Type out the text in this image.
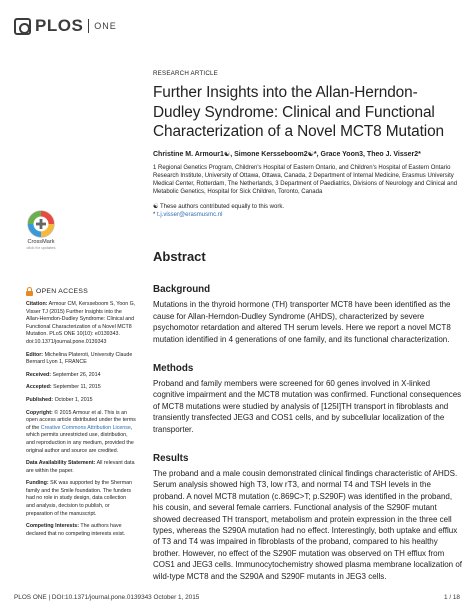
PLOS ONE
CrossMark
click for updates
OPEN ACCESS
Citation: Armour CM, Kersseboom S, Yoon G, Visser TJ (2015) Further Insights into the Allan-Herndon-Dudley Syndrome: Clinical and Functional Characterization of a Novel MCT8 Mutation. PLoS ONE 10(10): e0139343. doi:10.1371/journal.pone.0139343
Editor: Michelina Plateroti, University Claude Bernard Lyon 1, FRANCE
Received: September 26, 2014
Accepted: September 11, 2015
Published: October 1, 2015
Copyright: © 2015 Armour et al. This is an open access article distributed under the terms of the Creative Commons Attribution License, which permits unrestricted use, distribution, and reproduction in any medium, provided the original author and source are credited.
Data Availability Statement: All relevant data are within the paper.
Funding: SK was supported by the Sherman family and the Smile foundation. The funders had no role in study design, data collection and analysis, decision to publish, or preparation of the manuscript.
Competing Interests: The authors have declared that no competing interests exist.
RESEARCH ARTICLE
Further Insights into the Allan-Herndon-Dudley Syndrome: Clinical and Functional Characterization of a Novel MCT8 Mutation
Christine M. Armour1☯, Simone Kersseboom2☯*, Grace Yoon3, Theo J. Visser2*
1 Regional Genetics Program, Children's Hospital of Eastern Ontario, and Children's Hospital of Eastern Ontario Research Institute, University of Ottawa, Ottawa, Canada, 2 Department of Internal Medicine, Erasmus University Medical Center, Rotterdam, The Netherlands, 3 Department of Paediatrics, Divisions of Neurology and Clinical and Metabolic Genetics, Hospital for Sick Children, Toronto, Canada
☯ These authors contributed equally to this work.
* t.j.visser@erasmusmc.nl
Abstract
Background

Mutations in the thyroid hormone (TH) transporter MCT8 have been identified as the cause for Allan-Herndon-Dudley Syndrome (AHDS), characterized by severe psychomotor retardation and altered TH serum levels. Here we report a novel MCT8 mutation identified in 4 generations of one family, and its functional characterization.

Methods

Proband and family members were screened for 60 genes involved in X-linked cognitive impairment and the MCT8 mutation was confirmed. Functional consequences of MCT8 mutations were studied by analysis of [125I]TH transport in fibroblasts and transiently transfected JEG3 and COS1 cells, and by subcellular localization of the transporter.

Results

The proband and a male cousin demonstrated clinical findings characteristic of AHDS. Serum analysis showed high T3, low rT3, and normal T4 and TSH levels in the proband. A novel MCT8 mutation (c.869C>T; p.S290F) was identified in the proband, his cousin, and several female carriers. Functional analysis of the S290F mutant showed decreased TH transport, metabolism and protein expression in the three cell types, whereas the S290A mutation had no effect. Interestingly, both uptake and efflux of T3 and T4 was impaired in fibroblasts of the proband, compared to his healthy brother. However, no effect of the S290F mutation was observed on TH efflux from COS1 and JEG3 cells. Immunocytochemistry showed plasma membrane localization of wild-type MCT8 and the S290A and S290F mutants in JEG3 cells.

PLOS ONE | DOI:10.1371/journal.pone.0139343 October 1, 2015	1 / 18
